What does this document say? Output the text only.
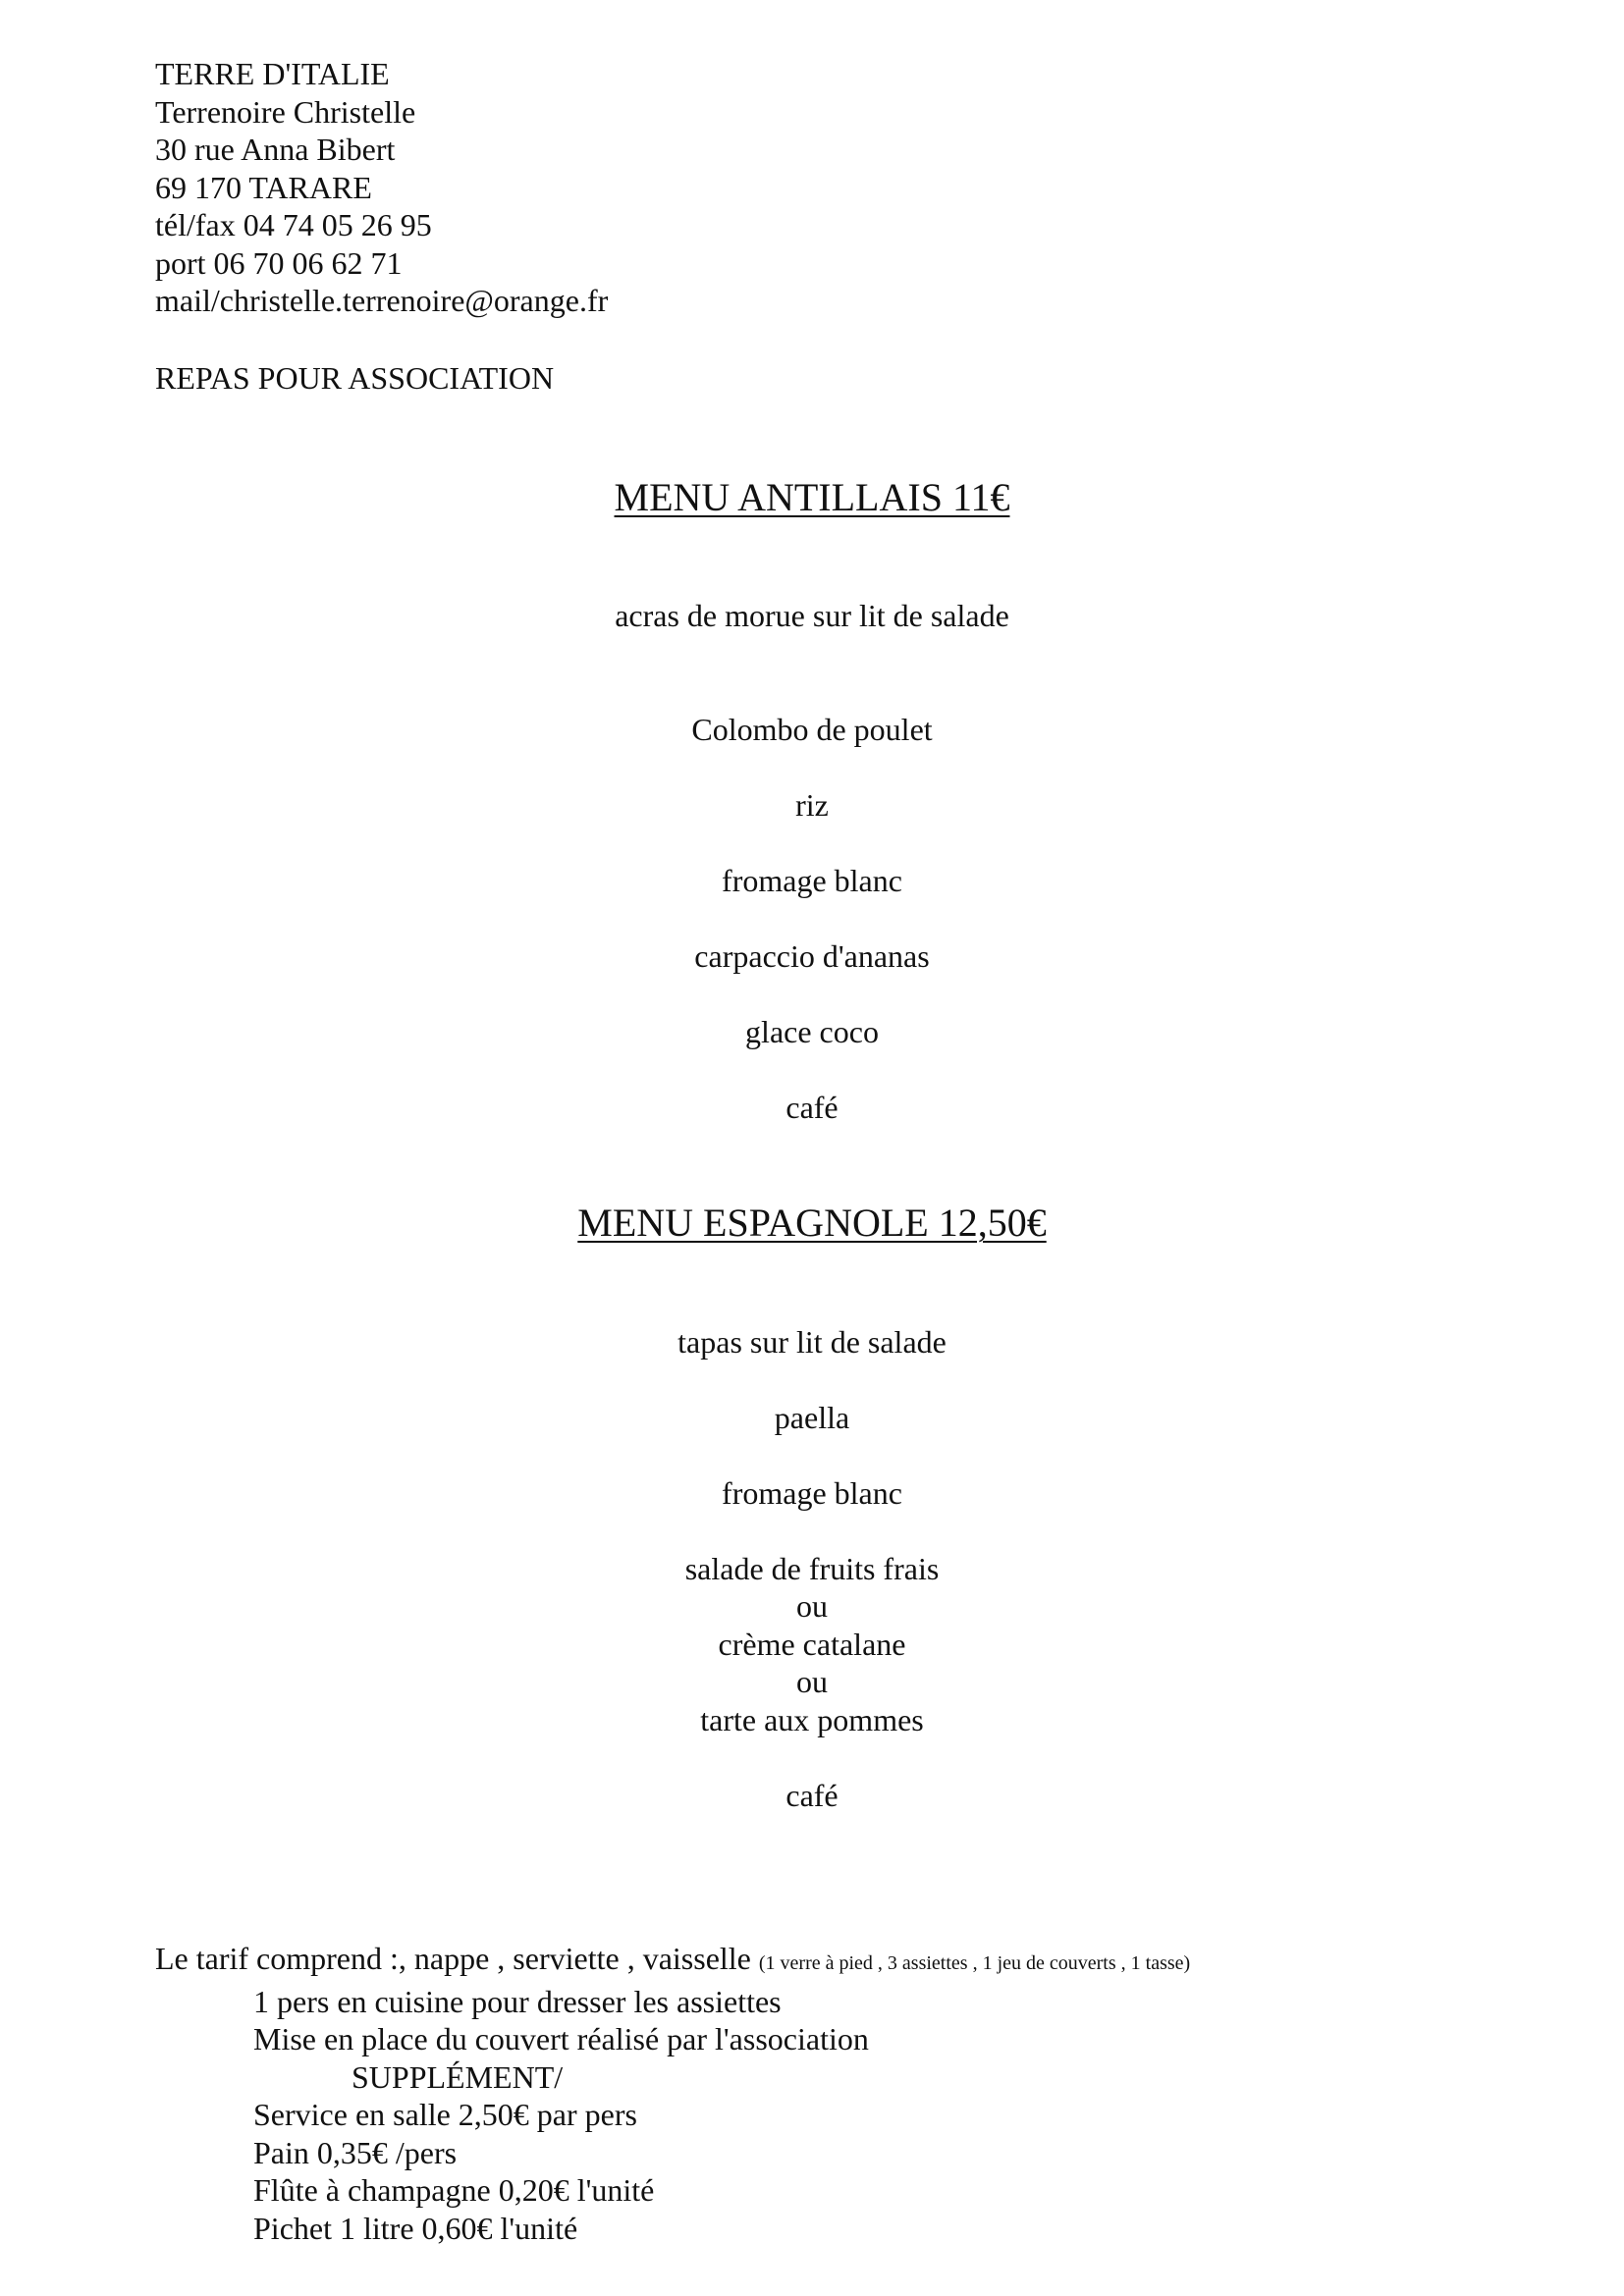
TERRE D'ITALIE
Terrenoire Christelle
30 rue Anna Bibert
69 170 TARARE
tél/fax 04 74 05 26 95
port 06 70 06 62 71
mail/christelle.terrenoire@orange.fr
REPAS POUR ASSOCIATION
MENU ANTILLAIS 11€
acras de morue sur lit de salade
Colombo de poulet
riz
fromage blanc
carpaccio d'ananas
glace coco
café
MENU ESPAGNOLE 12,50€
tapas sur lit de salade
paella
fromage blanc
salade de fruits frais
ou
crème catalane
ou
tarte aux pommes
café
Le tarif comprend :, nappe , serviette , vaisselle (1 verre à pied , 3 assiettes , 1 jeu de couverts , 1 tasse)
1 pers en cuisine pour dresser les assiettes
Mise en place du couvert réalisé par l'association
SUPPLÉMENT/
Service en salle 2,50€ par pers
Pain 0,35€ /pers
Flûte à champagne 0,20€ l'unité
Pichet 1 litre 0,60€ l'unité
